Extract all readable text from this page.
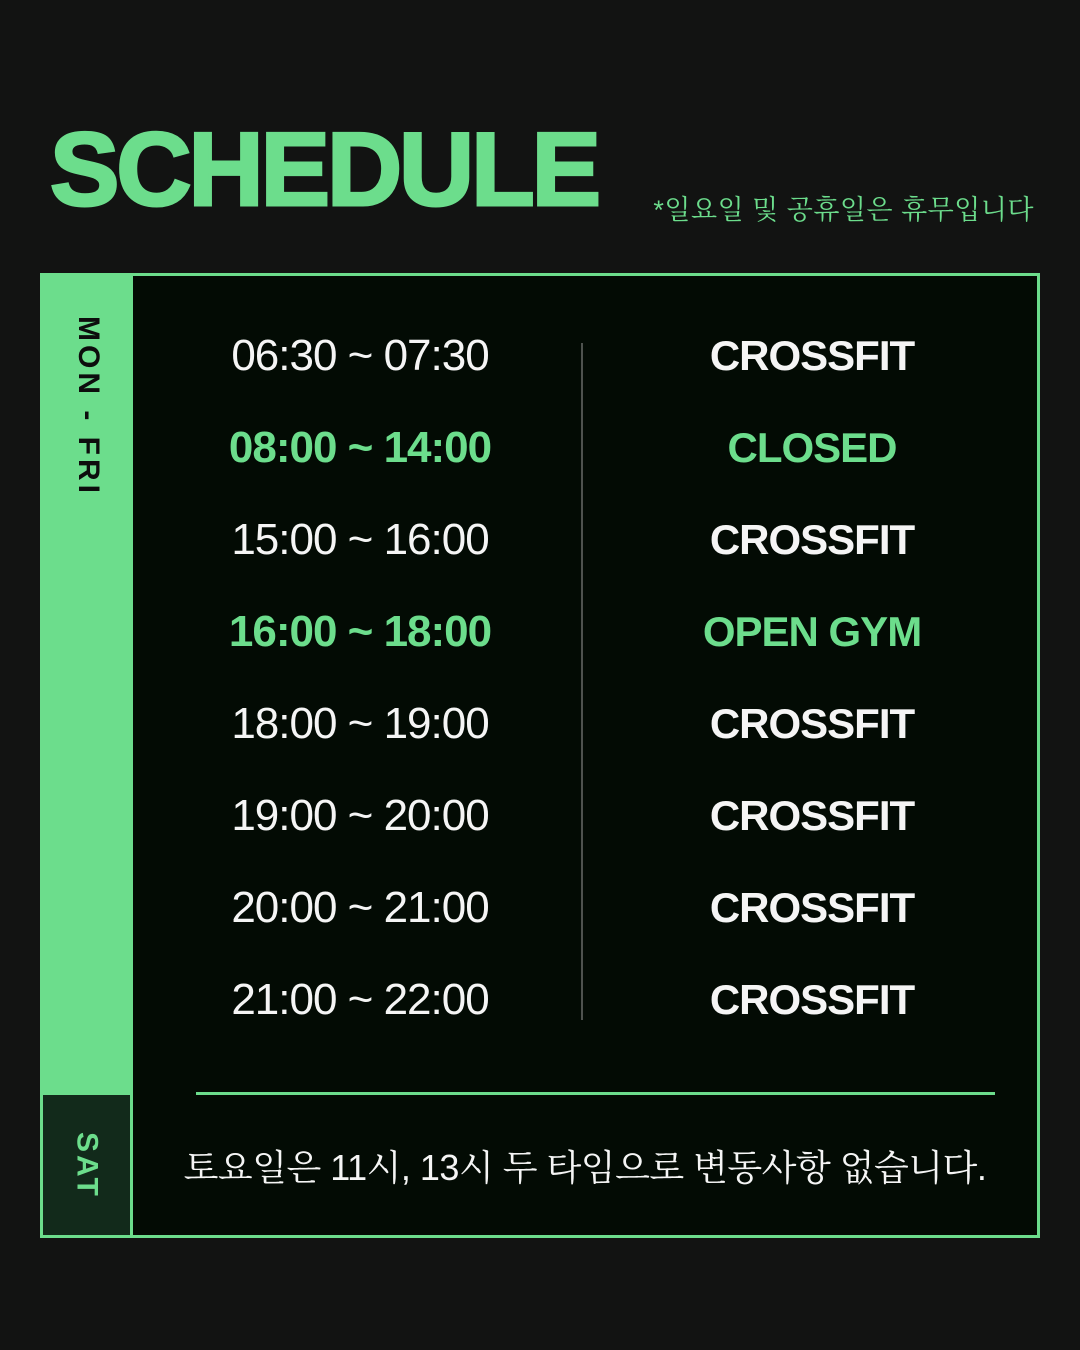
SCHEDULE *일요일 및 공휴일은 휴무입니다
MON - FRI
SAT
06:30 ~ 07:30	CROSSFIT
08:00 ~ 14:00	CLOSED
15:00 ~ 16:00	CROSSFIT
16:00 ~ 18:00	OPEN GYM
18:00 ~ 19:00	CROSSFIT
19:00 ~ 20:00	CROSSFIT
20:00 ~ 21:00	CROSSFIT
21:00 ~ 22:00	CROSSFIT
토요일은 11시, 13시 두 타임으로 변동사항 없습니다.
